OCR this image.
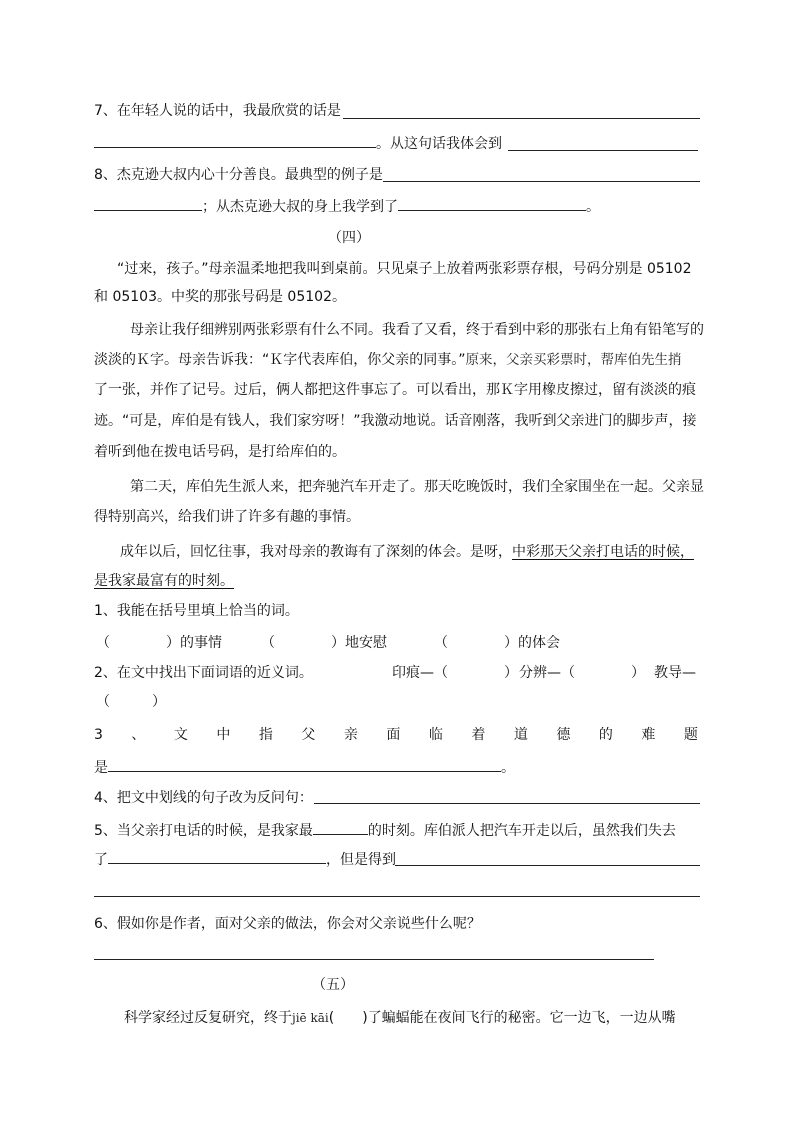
7、在年轻人说的话中，我最欣赏的话是
。从这句话我体会到
8、杰克逊大叔内心十分善良。最典型的例子是
；从杰克逊大叔的身上我学到了	。
（四）
“过来，孩子。”母亲温柔地把我叫到桌前。只见桌子上放着两张彩票存根，号码分别是 05102
和 05103。中奖的那张号码是 05102。
母亲让我仔细辨别两张彩票有什么不同。我看了又看，终于看到中彩的那张右上角有铅笔写的
淡淡的Ｋ字。母亲告诉我：“Ｋ字代表库伯，你父亲的同事。”原来，父亲买彩票时，帮库伯先生捎
了一张，并作了记号。过后，俩人都把这件事忘了。可以看出，那Ｋ字用橡皮擦过，留有淡淡的痕
迹。“可是，库伯是有钱人，我们家穷呀！”我激动地说。话音刚落，我听到父亲进门的脚步声，接
着听到他在拨电话号码，是打给库伯的。
第二天，库伯先生派人来，把奔驰汽车开走了。那天吃晚饭时，我们全家围坐在一起。父亲显
得特别高兴，给我们讲了许多有趣的事情。
成年以后，回忆往事，我对母亲的教诲有了深刻的体会。是呀，中彩那天父亲打电话的时候，
是我家最富有的时刻。
1、我能在括号里填上恰当的词。
（　　　　）的事情	（　　　　）地安慰	（　　　　）的体会
2、在文中找出下面词语的近义词。	印痕—（　　　　） 分辨—（　　　　） 教导—
（　　　）
3 、 文 中 指 父 亲 面 临 着 道 德 的 难 题
是	。
4、把文中划线的句子改为反问句：
5、当父亲打电话的时候，是我家最	的时刻。库伯派人把汽车开走以后，虽然我们失去
了	，但是得到
6、假如你是作者，面对父亲的做法，你会对父亲说些什么呢？
（五）
科学家经过反复研究，终于jiē kāi(　　)了蝙蝠能在夜间飞行的秘密。它一边飞，一边从嘴
